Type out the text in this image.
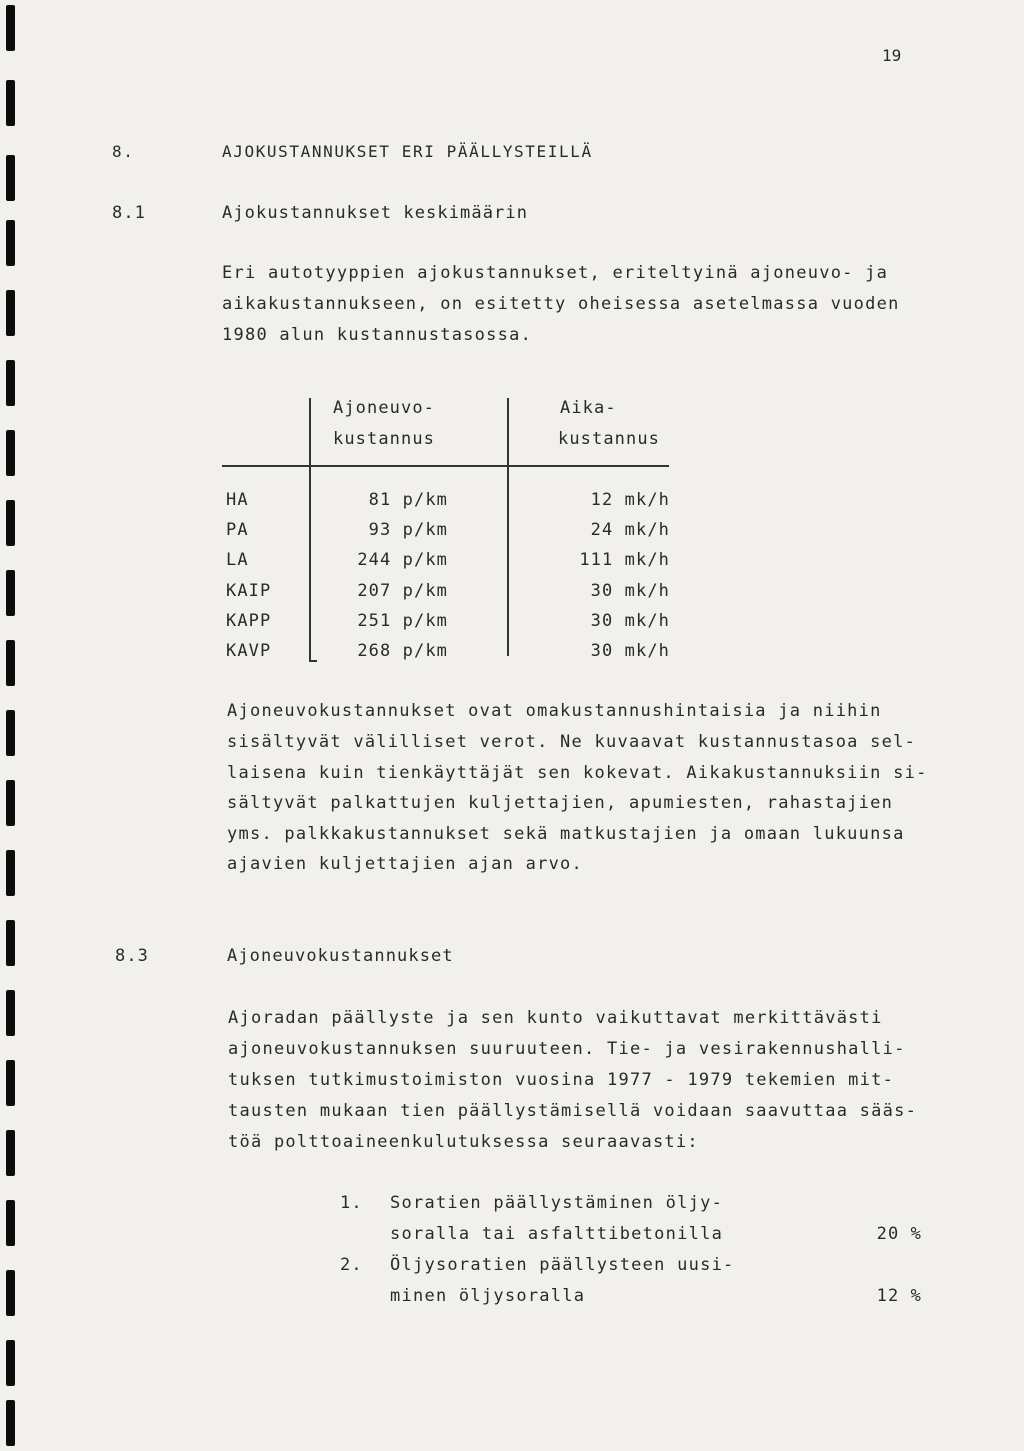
19
8.	AJOKUSTANNUKSET ERI PÄÄLLYSTEILLÄ
8.1	Ajokustannukset keskimäärin
Eri autotyyppien ajokustannukset, eriteltyinä ajoneuvo- ja
aikakustannukseen, on esitetty oheisessa asetelmassa vuoden
1980 alun kustannustasossa.
Ajoneuvo-
kustannus
Aika-
kustannus
HA	81 p/km	12 mk/h
PA	93 p/km	24 mk/h
LA	244 p/km	111 mk/h
KAIP	207 p/km	30 mk/h
KAPP	251 p/km	30 mk/h
KAVP	268 p/km	30 mk/h
Ajoneuvokustannukset ovat omakustannushintaisia ja niihin
sisältyvät välilliset verot. Ne kuvaavat kustannustasoa sel-
laisena kuin tienkäyttäjät sen kokevat. Aikakustannuksiin si-
sältyvät palkattujen kuljettajien, apumiesten, rahastajien
yms. palkkakustannukset sekä matkustajien ja omaan lukuunsa
ajavien kuljettajien ajan arvo.
8.3	Ajoneuvokustannukset
Ajoradan päällyste ja sen kunto vaikuttavat merkittävästi
ajoneuvokustannuksen suuruuteen. Tie- ja vesirakennushalli-
tuksen tutkimustoimiston vuosina 1977 - 1979 tekemien mit-
tausten mukaan tien päällystämisellä voidaan saavuttaa sääs-
töä polttoaineenkulutuksessa seuraavasti:
1. Soratien päällystäminen öljy-
soralla tai asfalttibetonilla	20 %
2. Öljysoratien päällysteen uusi-
minen öljysoralla	12 %
